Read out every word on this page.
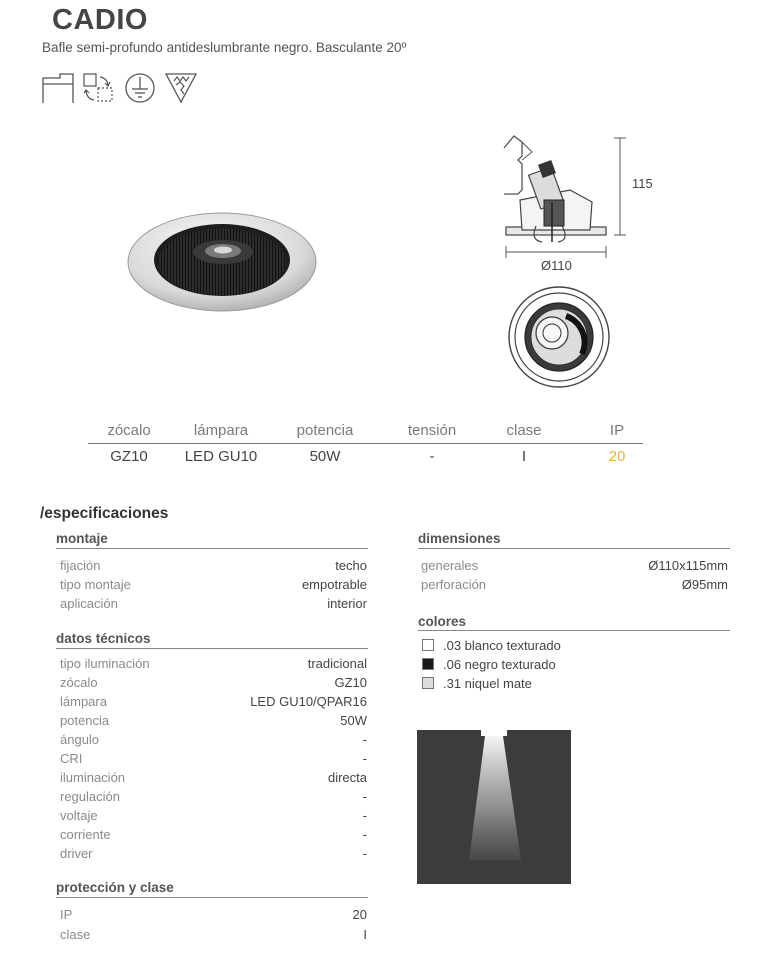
CADIO
Bafle semi-profundo antideslumbrante negro. Basculante 20º
115
Ø110
zócalo	lámpara	potencia	tensión	clase	IP
GZ10	LED GU10	50W	-	I	20
/especificaciones
montaje
fijación	techo
tipo montaje	empotrable
aplicación	interior
datos técnicos
tipo iluminación	tradicional
zócalo	GZ10
lámpara	LED GU10/QPAR16
potencia	50W
ángulo	-
CRI	-
iluminación	directa
regulación	-
voltaje	-
corriente	-
driver	-
protección y clase
IP	20
clase	I
dimensiones
generales	Ø110x115mm
perforación	Ø95mm
colores
.03 blanco texturado
.06 negro texturado
.31 niquel mate
